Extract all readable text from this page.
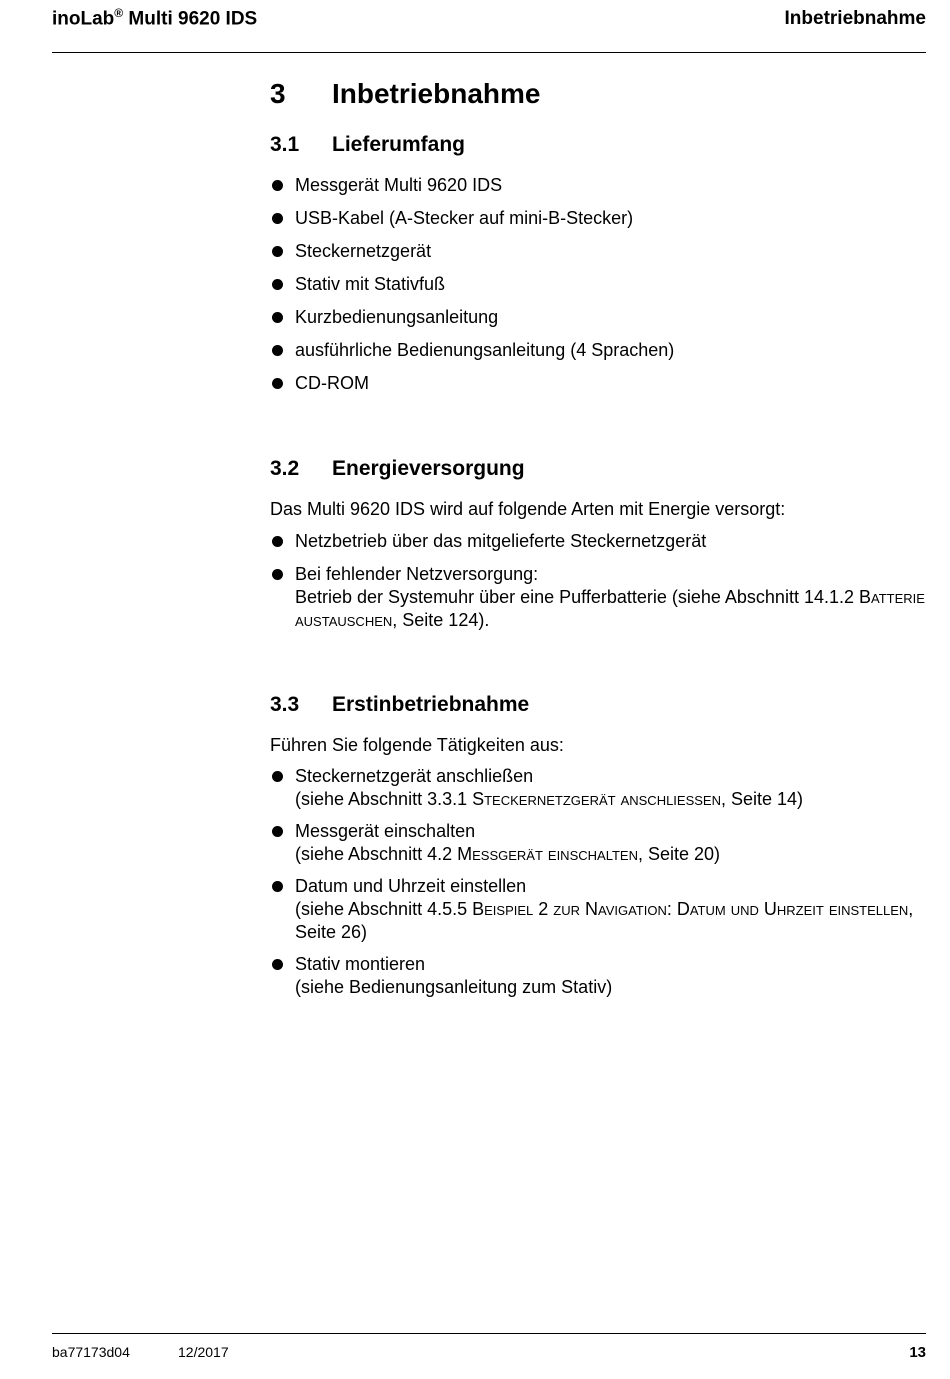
inoLab® Multi 9620 IDS	Inbetriebnahme
3 Inbetriebnahme
3.1 Lieferumfang
Messgerät Multi 9620 IDS
USB-Kabel (A-Stecker auf mini-B-Stecker)
Steckernetzgerät
Stativ mit Stativfuß
Kurzbedienungsanleitung
ausführliche Bedienungsanleitung (4 Sprachen)
CD-ROM
3.2 Energieversorgung
Das Multi 9620 IDS wird auf folgende Arten mit Energie versorgt:
Netzbetrieb über das mitgelieferte Steckernetzgerät
Bei fehlender Netzversorgung:
Betrieb der Systemuhr über eine Pufferbatterie (siehe Abschnitt 14.1.2 Batterie austauschen, Seite 124).
3.3 Erstinbetriebnahme
Führen Sie folgende Tätigkeiten aus:
Steckernetzgerät anschließen
(siehe Abschnitt 3.3.1 Steckernetzgerät anschließen, Seite 14)
Messgerät einschalten
(siehe Abschnitt 4.2 Messgerät einschalten, Seite 20)
Datum und Uhrzeit einstellen
(siehe Abschnitt 4.5.5 Beispiel 2 zur Navigation: Datum und Uhrzeit einstellen, Seite 26)
Stativ montieren
(siehe Bedienungsanleitung zum Stativ)
ba77173d04	12/2017	13
